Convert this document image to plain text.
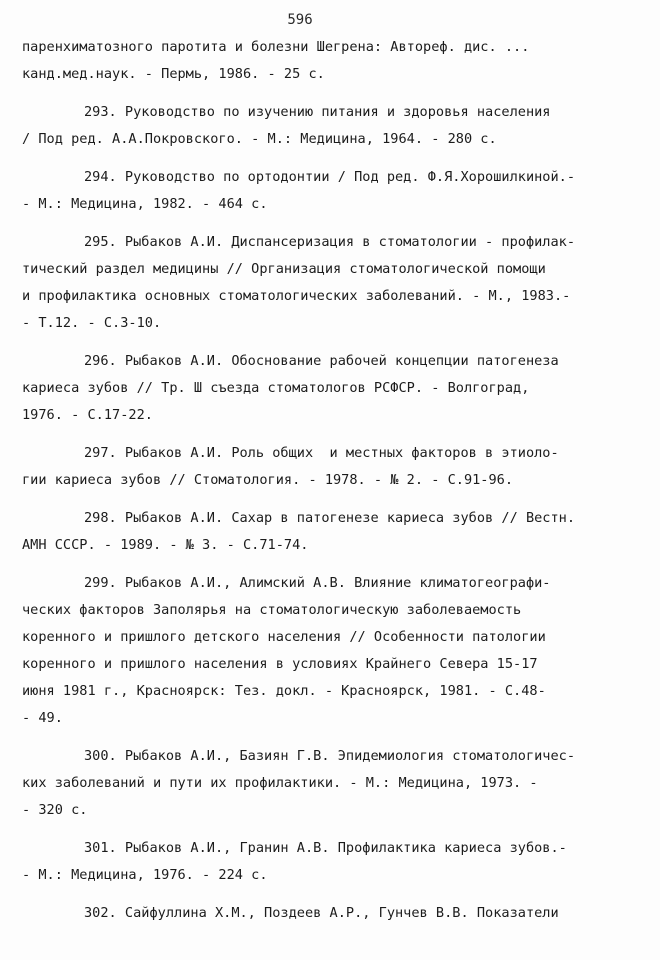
596
паренхиматозного паротита и болезни Шегрена: Автореф. дис. ...
канд.мед.наук. - Пермь, 1986. - 25 с.
293. Руководство по изучению питания и здоровья населения
/ Под ред. А.А.Покровского. - М.: Медицина, 1964. - 280 с.
294. Руководство по ортодонтии / Под ред. Ф.Я.Хорошилкиной.-
- М.: Медицина, 1982. - 464 с.
295. Рыбаков А.И. Диспансеризация в стоматологии - профилак-
тический раздел медицины // Организация стоматологической помощи
и профилактика основных стоматологических заболеваний. - М., 1983.-
- Т.12. - С.3-10.
296. Рыбаков А.И. Обоснование рабочей концепции патогенеза
кариеса зубов // Тр. Ш съезда стоматологов РСФСР. - Волгоград,
1976. - С.17-22.
297. Рыбаков А.И. Роль общих  и местных факторов в этиоло-
гии кариеса зубов // Стоматология. - 1978. - № 2. - С.91-96.
298. Рыбаков А.И. Сахар в патогенезе кариеса зубов // Вестн.
АМН СССР. - 1989. - № 3. - С.71-74.
299. Рыбаков А.И., Алимский А.В. Влияние климатогеографи-
ческих факторов Заполярья на стоматологическую заболеваемость
коренного и пришлого детского населения // Особенности патологии
коренного и пришлого населения в условиях Крайнего Севера 15-17
июня 1981 г., Красноярск: Тез. докл. - Красноярск, 1981. - С.48-
- 49.
300. Рыбаков А.И., Базиян Г.В. Эпидемиология стоматологичес-
ких заболеваний и пути их профилактики. - М.: Медицина, 1973. -
- 320 с.
301. Рыбаков А.И., Гранин А.В. Профилактика кариеса зубов.-
- М.: Медицина, 1976. - 224 с.
302. Сайфуллина Х.М., Поздеев А.Р., Гунчев В.В. Показатели
